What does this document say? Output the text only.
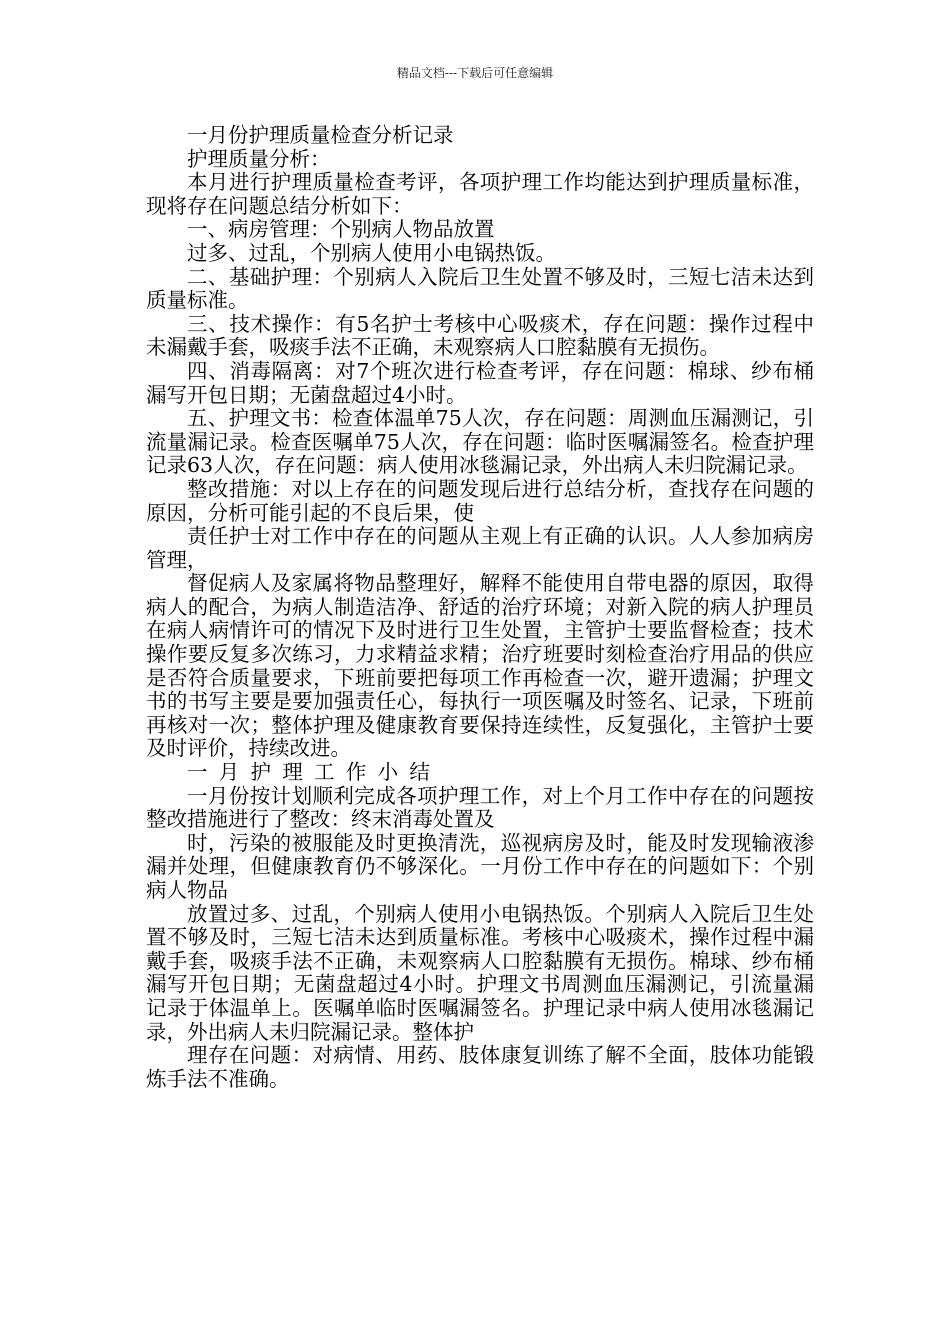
精品文档---下载后可任意编辑

一月份护理质量检查分析记录

护理质量分析：

本月进行护理质量检查考评，各项护理工作均能达到护理质量标准，现将存在问题总结分析如下：

一、病房管理：个别病人物品放置

过多、过乱，个别病人使用小电锅热饭。

二、基础护理：个别病人入院后卫生处置不够及时，三短七洁未达到质量标准。

三、技术操作：有5名护士考核中心吸痰术，存在问题：操作过程中未漏戴手套，吸痰手法不正确，未观察病人口腔黏膜有无损伤。

四、消毒隔离：对7个班次进行检查考评，存在问题：棉球、纱布桶漏写开包日期；无菌盘超过4小时。

五、护理文书：检查体温单75人次，存在问题：周测血压漏测记，引流量漏记录。检查医嘱单75人次，存在问题：临时医嘱漏签名。检查护理记录63人次，存在问题：病人使用冰毯漏记录，外出病人未归院漏记录。

整改措施：对以上存在的问题发现后进行总结分析，查找存在问题的原因，分析可能引起的不良后果，使

责任护士对工作中存在的问题从主观上有正确的认识。人人参加病房管理，

督促病人及家属将物品整理好，解释不能使用自带电器的原因，取得病人的配合，为病人制造洁净、舒适的治疗环境；对新入院的病人护理员在病人病情许可的情况下及时进行卫生处置，主管护士要监督检查；技术操作要反复多次练习，力求精益求精；治疗班要时刻检查治疗用品的供应是否符合质量要求，下班前要把每项工作再检查一次，避开遗漏；护理文书的书写主要是要加强责任心，每执行一项医嘱及时签名、记录，下班前再核对一次；整体护理及健康教育要保持连续性，反复强化，主管护士要及时评价，持续改进。

一月护理工作小结

一月份按计划顺利完成各项护理工作，对上个月工作中存在的问题按整改措施进行了整改：终末消毒处置及

时，污染的被服能及时更换清洗，巡视病房及时，能及时发现输液渗漏并处理，但健康教育仍不够深化。一月份工作中存在的问题如下：个别病人物品

放置过多、过乱，个别病人使用小电锅热饭。个别病人入院后卫生处置不够及时，三短七洁未达到质量标准。考核中心吸痰术，操作过程中漏戴手套，吸痰手法不正确，未观察病人口腔黏膜有无损伤。棉球、纱布桶漏写开包日期；无菌盘超过4小时。护理文书周测血压漏测记，引流量漏记录于体温单上。医嘱单临时医嘱漏签名。护理记录中病人使用冰毯漏记录，外出病人未归院漏记录。整体护

理存在问题：对病情、用药、肢体康复训练了解不全面，肢体功能锻炼手法不准确。
